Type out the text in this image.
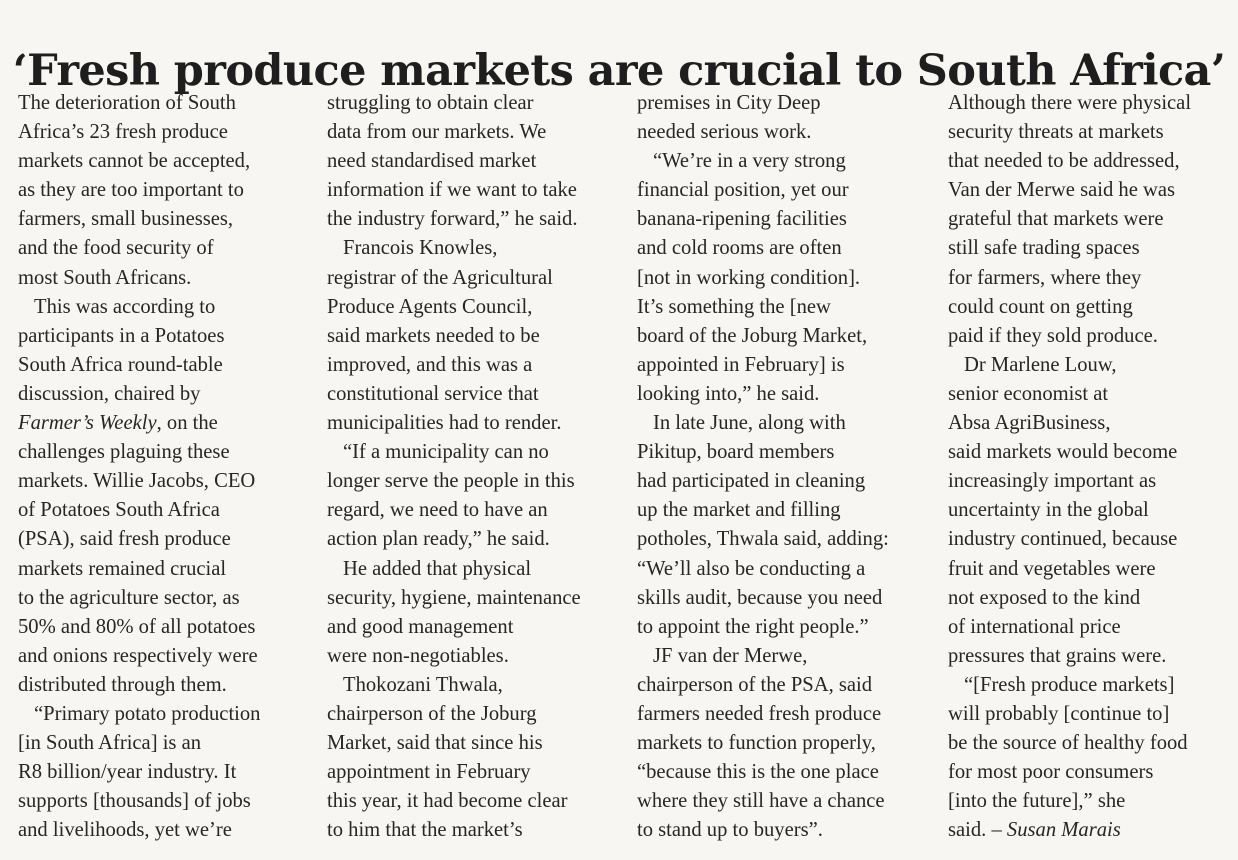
‘Fresh produce markets are crucial to South Africa’

The deterioration of South

Africa’s 23 fresh produce

markets cannot be accepted,

as they are too important to

farmers, small businesses,

and the food security of

most South Africans.

This was according to

participants in a Potatoes

South Africa round-table

discussion, chaired by

Farmer’s Weekly, on the

challenges plaguing these

markets. Willie Jacobs, CEO

of Potatoes South Africa

(PSA), said fresh produce

markets remained crucial

to the agriculture sector, as

50% and 80% of all potatoes

and onions respectively were

distributed through them.

“Primary potato production

[in South Africa] is an

R8 billion/year industry. It

supports [thousands] of jobs

and livelihoods, yet we’re

struggling to obtain clear

data from our markets. We

need standardised market

information if we want to take

the industry forward,” he said.

Francois Knowles,

registrar of the Agricultural

Produce Agents Council,

said markets needed to be

improved, and this was a

constitutional service that

municipalities had to render.

“If a municipality can no

longer serve the people in this

regard, we need to have an

action plan ready,” he said.

He added that physical

security, hygiene, maintenance

and good management

were non-negotiables.

Thokozani Thwala,

chairperson of the Joburg

Market, said that since his

appointment in February

this year, it had become clear

to him that the market’s

premises in City Deep

needed serious work.

“We’re in a very strong

financial position, yet our

banana-ripening facilities

and cold rooms are often

[not in working condition].

It’s something the [new

board of the Joburg Market,

appointed in February] is

looking into,” he said.

In late June, along with

Pikitup, board members

had participated in cleaning

up the market and filling

potholes, Thwala said, adding:

“We’ll also be conducting a

skills audit, because you need

to appoint the right people.”

JF van der Merwe,

chairperson of the PSA, said

farmers needed fresh produce

markets to function properly,

“because this is the one place

where they still have a chance

to stand up to buyers”.

Although there were physical

security threats at markets

that needed to be addressed,

Van der Merwe said he was

grateful that markets were

still safe trading spaces

for farmers, where they

could count on getting

paid if they sold produce.

Dr Marlene Louw,

senior economist at

Absa AgriBusiness,

said markets would become

increasingly important as

uncertainty in the global

industry continued, because

fruit and vegetables were

not exposed to the kind

of international price

pressures that grains were.

“[Fresh produce markets]

will probably [continue to]

be the source of healthy food

for most poor consumers

[into the future],” she

said. – Susan Marais
